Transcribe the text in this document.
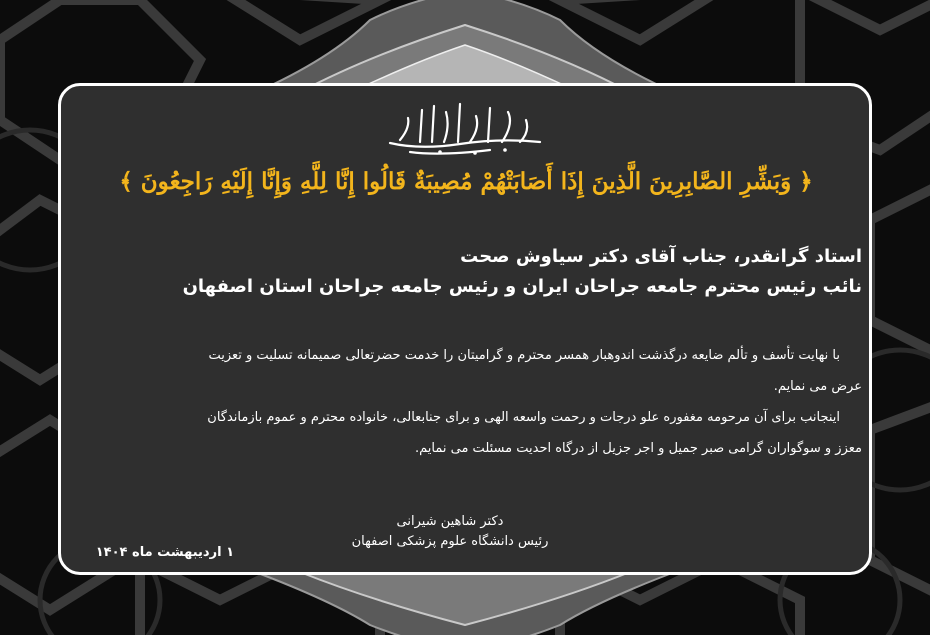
﴿ وَبَشِّرِ الصَّابِرِینَ الَّذِینَ إِذَا أَصَابَتْهُمْ مُصِیبَةٌ قَالُوا إِنَّا لِلَّهِ وَإِنَّا إِلَیْهِ رَاجِعُونَ ﴾
استاد گرانقدر، جناب آقای دکتر سیاوش صحت
نائب رئیس محترم جامعه جراحان ایران و رئیس جامعه جراحان استان اصفهان
با نهایت تأسف و تألم ضایعه درگذشت اندوهبار همسر محترم و گرامیتان را خدمت حضرتعالی صمیمانه تسلیت و تعزیت
عرض می نمایم.
اینجانب برای آن مرحومه مغفوره علو درجات و رحمت واسعه الهی و برای جنابعالی، خانواده محترم و عموم بازماندگان
معزز و سوگواران گرامی صبر جمیل و اجر جزیل از درگاه احدیت مسئلت می نمایم.
دکتر شاهین شیرانی
رئیس دانشگاه علوم پزشکی اصفهان
۱ اردیبهشت ماه ۱۴۰۴
